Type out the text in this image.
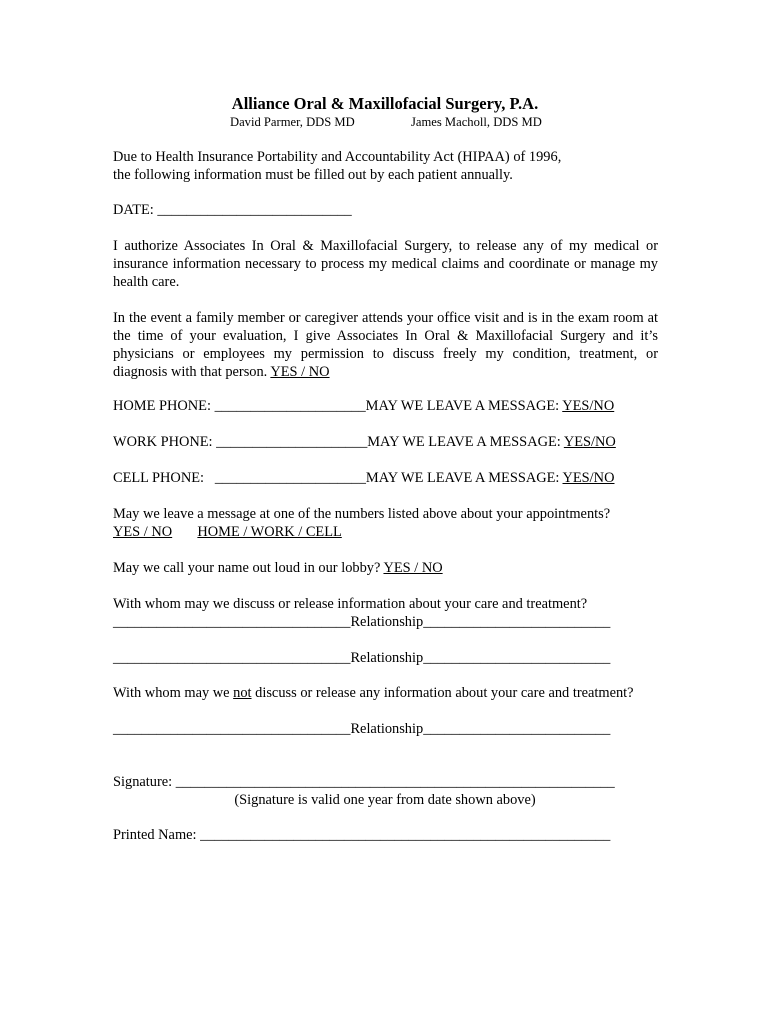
Alliance Oral & Maxillofacial Surgery, P.A.
David Parmer, DDS MD	James Macholl, DDS MD
Due to Health Insurance Portability and Accountability Act (HIPAA) of 1996,
the following information must be filled out by each patient annually.
DATE: ___________________________
I authorize Associates In Oral & Maxillofacial Surgery, to release any of my medical or insurance information necessary to process my medical claims and coordinate or manage my health care.
In the event a family member or caregiver attends your office visit and is in the exam room at the time of your evaluation, I give Associates In Oral & Maxillofacial Surgery and it’s physicians or employees my permission to discuss freely my condition, treatment, or diagnosis with that person. YES / NO
HOME PHONE: _____________________MAY WE LEAVE A MESSAGE: YES/NO
WORK PHONE: _____________________MAY WE LEAVE A MESSAGE: YES/NO
CELL PHONE: _____________________MAY WE LEAVE A MESSAGE: YES/NO
May we leave a message at one of the numbers listed above about your appointments?
YES / NO HOME / WORK / CELL
May we call your name out loud in our lobby? YES / NO
With whom may we discuss or release information about your care and treatment?
_________________________________Relationship__________________________
_________________________________Relationship__________________________
With whom may we not discuss or release any information about your care and treatment?
_________________________________Relationship__________________________
Signature: _____________________________________________________________
(Signature is valid one year from date shown above)
Printed Name: _________________________________________________________
